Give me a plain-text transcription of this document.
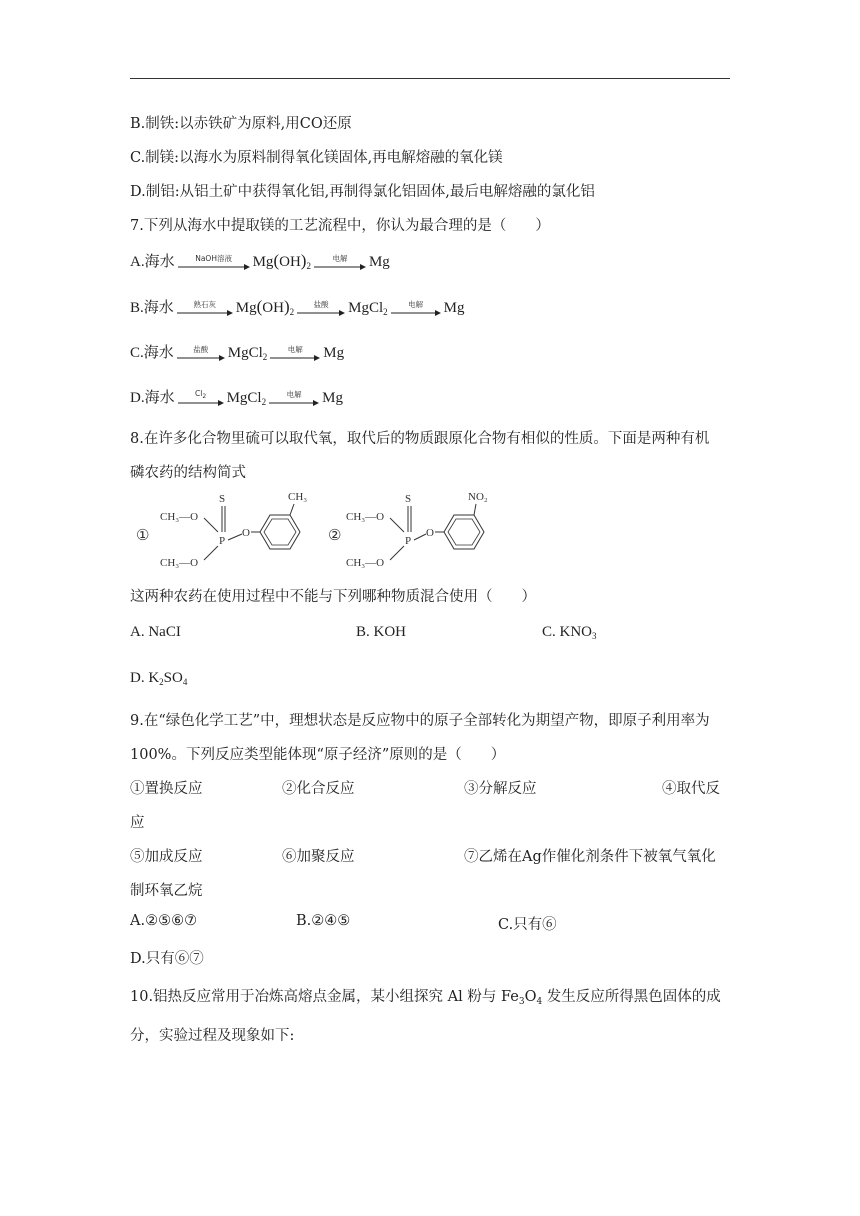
B.制铁:以赤铁矿为原料,用CO还原
C.制镁:以海水为原料制得氧化镁固体,再电解熔融的氧化镁
D.制铝:从铝土矿中获得氧化铝,再制得氯化铝固体,最后电解熔融的氯化铝
7.下列从海水中提取镁的工艺流程中，你认为最合理的是（　　）
A.海水	NaOH溶液	$Mg(OH)_2$
电解	Mg
B.海水	熟石灰	$Mg(OH)_2$
盐酸	MgCl$_2$
电解	Mg
C.海水	盐酸	MgCl$_2$
电解	Mg
D.海水	$Cl_2$	MgCl$_2$
电解	Mg
8.在许多化合物里硫可以取代氧，取代后的物质跟原化合物有相似的性质。下面是两种有机
磷农药的结构简式
①
CH₃—O
CH₃—O
P
S
O
CH₃
②
CH₃—O
CH₃—O
P
S
O
NO₂
这两种农药在使用过程中不能与下列哪种物质混合使用（　　）
A. NaCI	B. KOH	C. $KNO_3$
D. $K_2SO_4$
9.在“绿色化学工艺”中，理想状态是反应物中的原子全部转化为期望产物，即原子利用率为
100%。下列反应类型能体现“原子经济”原则的是（　　）
①置换反应	②化合反应	③分解反应	④取代反
应
⑤加成反应	⑥加聚反应	⑦乙烯在Ag作催化剂条件下被氧气氧化
制环氧乙烷
A.②⑤⑥⑦	B.②④⑤	C.只有⑥
D.只有⑥⑦
10.铝热反应常用于冶炼高熔点金属，某小组探究 Al 粉与 $Fe_3O_4$ 发生反应所得黑色固体的成
分，实验过程及现象如下:
